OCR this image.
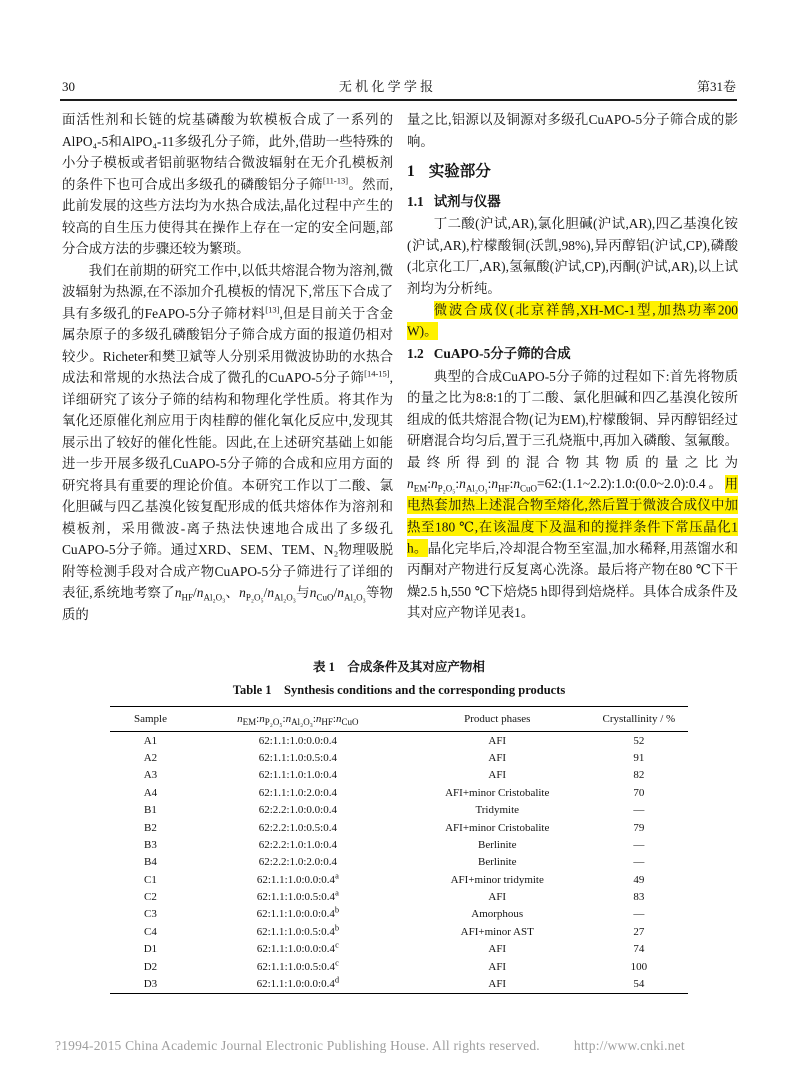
30	无 机 化 学 学 报	第31卷

面活性剂和长链的烷基磷酸为软模板合成了一系列的AlPO₄-5和AlPO₄-11多级孔分子筛，此外,借助一些特殊的小分子模板或者铝前驱物结合微波辐射在无介孔模板剂的条件下也可合成出多级孔的磷酸铝分子筛[11-13]。然而,此前发展的这些方法均为水热合成法,晶化过程中产生的较高的自生压力使得其在操作上存在一定的安全问题,部分合成方法的步骤还较为繁琐。

我们在前期的研究工作中,以低共熔混合物为溶剂,微波辐射为热源,在不添加介孔模板的情况下,常压下合成了具有多级孔的FeAPO-5分子筛材料[13],但是目前关于含金属杂原子的多级孔磷酸铝分子筛合成方面的报道仍相对较少。Richeter和樊卫斌等人分别采用微波协助的水热合成法和常规的水热法合成了微孔的CuAPO-5分子筛[14-15],详细研究了该分子筛的结构和物理化学性质。将其作为氧化还原催化剂应用于肉桂醇的催化氧化反应中,发现其展示出了较好的催化性能。因此,在上述研究基础上如能进一步开展多级孔CuAPO-5分子筛的合成和应用方面的研究将具有重要的理论价值。本研究工作以丁二酸、氯化胆碱与四乙基溴化铵复配形成的低共熔体作为溶剂和模板剂，采用微波-离子热法快速地合成出了多级孔CuAPO-5分子筛。通过XRD、SEM、TEM、N₂物理吸脱附等检测手段对合成产物CuAPO-5分子筛进行了详细的表征,系统地考察了$n_{HF}/n_{Al_2O_3}$、$n_{P_2O_5}/n_{Al_2O_3}$与$n_{CuO}/n_{Al_2O_3}$等物质的

量之比,铝源以及铜源对多级孔CuAPO-5分子筛合成的影响。

1 实验部分
1.1 试剂与仪器

丁二酸(沪试,AR),氯化胆碱(沪试,AR),四乙基溴化铵(沪试,AR),柠檬酸铜(沃凯,98%),异丙醇铝(沪试,CP),磷酸(北京化工厂,AR),氢氟酸(沪试,CP),丙酮(沪试,AR),以上试剂均为分析纯。

微波合成仪(北京祥鹄,XH-MC-1型,加热功率200 W)。

1.2 CuAPO-5分子筛的合成

典型的合成CuAPO-5分子筛的过程如下:首先将物质的量之比为8:8:1的丁二酸、氯化胆碱和四乙基溴化铵所组成的低共熔混合物(记为EM),柠檬酸铜、异丙醇铝经过研磨混合均匀后,置于三孔烧瓶中,再加入磷酸、氢氟酸。最终所得到的混合物其物质的量之比为$n_{EM}:n_{P_2O_5}:n_{Al_2O_3}:n_{HF}:n_{CuO}=62:(1.1\sim 2.2):1.0:(0.0\sim 2.0):0.4$。用电热套加热上述混合物至熔化,然后置于微波合成仪中加热至180 ℃,在该温度下及温和的搅拌条件下常压晶化1 h。晶化完毕后,冷却混合物至室温,加水稀释,用蒸馏水和丙酮对产物进行反复离心洗涤。最后将产物在80 ℃下干燥2.5 h,550 ℃下焙烧5 h即得到焙烧样。具体合成条件及其对应产物详见表1。

表 1　合成条件及其对应产物相

Table 1　Synthesis conditions and the corresponding products

Sample	$n_{EM}:n_{P_2O_5}:n_{Al_2O_3}:n_{HF}:n_{CuO}$	Product phases	Crystallinity / %
A1	62:1.1:1.0:0.0:0.4	AFI	52
A2	62:1.1:1.0:0.5:0.4	AFI	91
A3	62:1.1:1.0:1.0:0.4	AFI	82
A4	62:1.1:1.0:2.0:0.4	AFI+minor Cristobalite	70
B1	62:2.2:1.0:0.0:0.4	Tridymite	—
B2	62:2.2:1.0:0.5:0.4	AFI+minor Cristobalite	79
B3	62:2.2:1.0:1.0:0.4	Berlinite	—
B4	62:2.2:1.0:2.0:0.4	Berlinite	—
C1	62:1.1:1.0:0.0:0.4$^a$	AFI+minor tridymite	49
C2	62:1.1:1.0:0.5:0.4$^a$	AFI	83
C3	62:1.1:1.0:0.0:0.4$^b$	Amorphous	—
C4	62:1.1:1.0:0.5:0.4$^b$	AFI+minor AST	27
D1	62:1.1:1.0:0.0:0.4$^c$	AFI	74
D2	62:1.1:1.0:0.5:0.4$^c$	AFI	100
D3	62:1.1:1.0:0.0:0.4$^d$	AFI	54
?1994-2015 China Academic Journal Electronic Publishing House. All rights reserved.	http://www.cnki.net
